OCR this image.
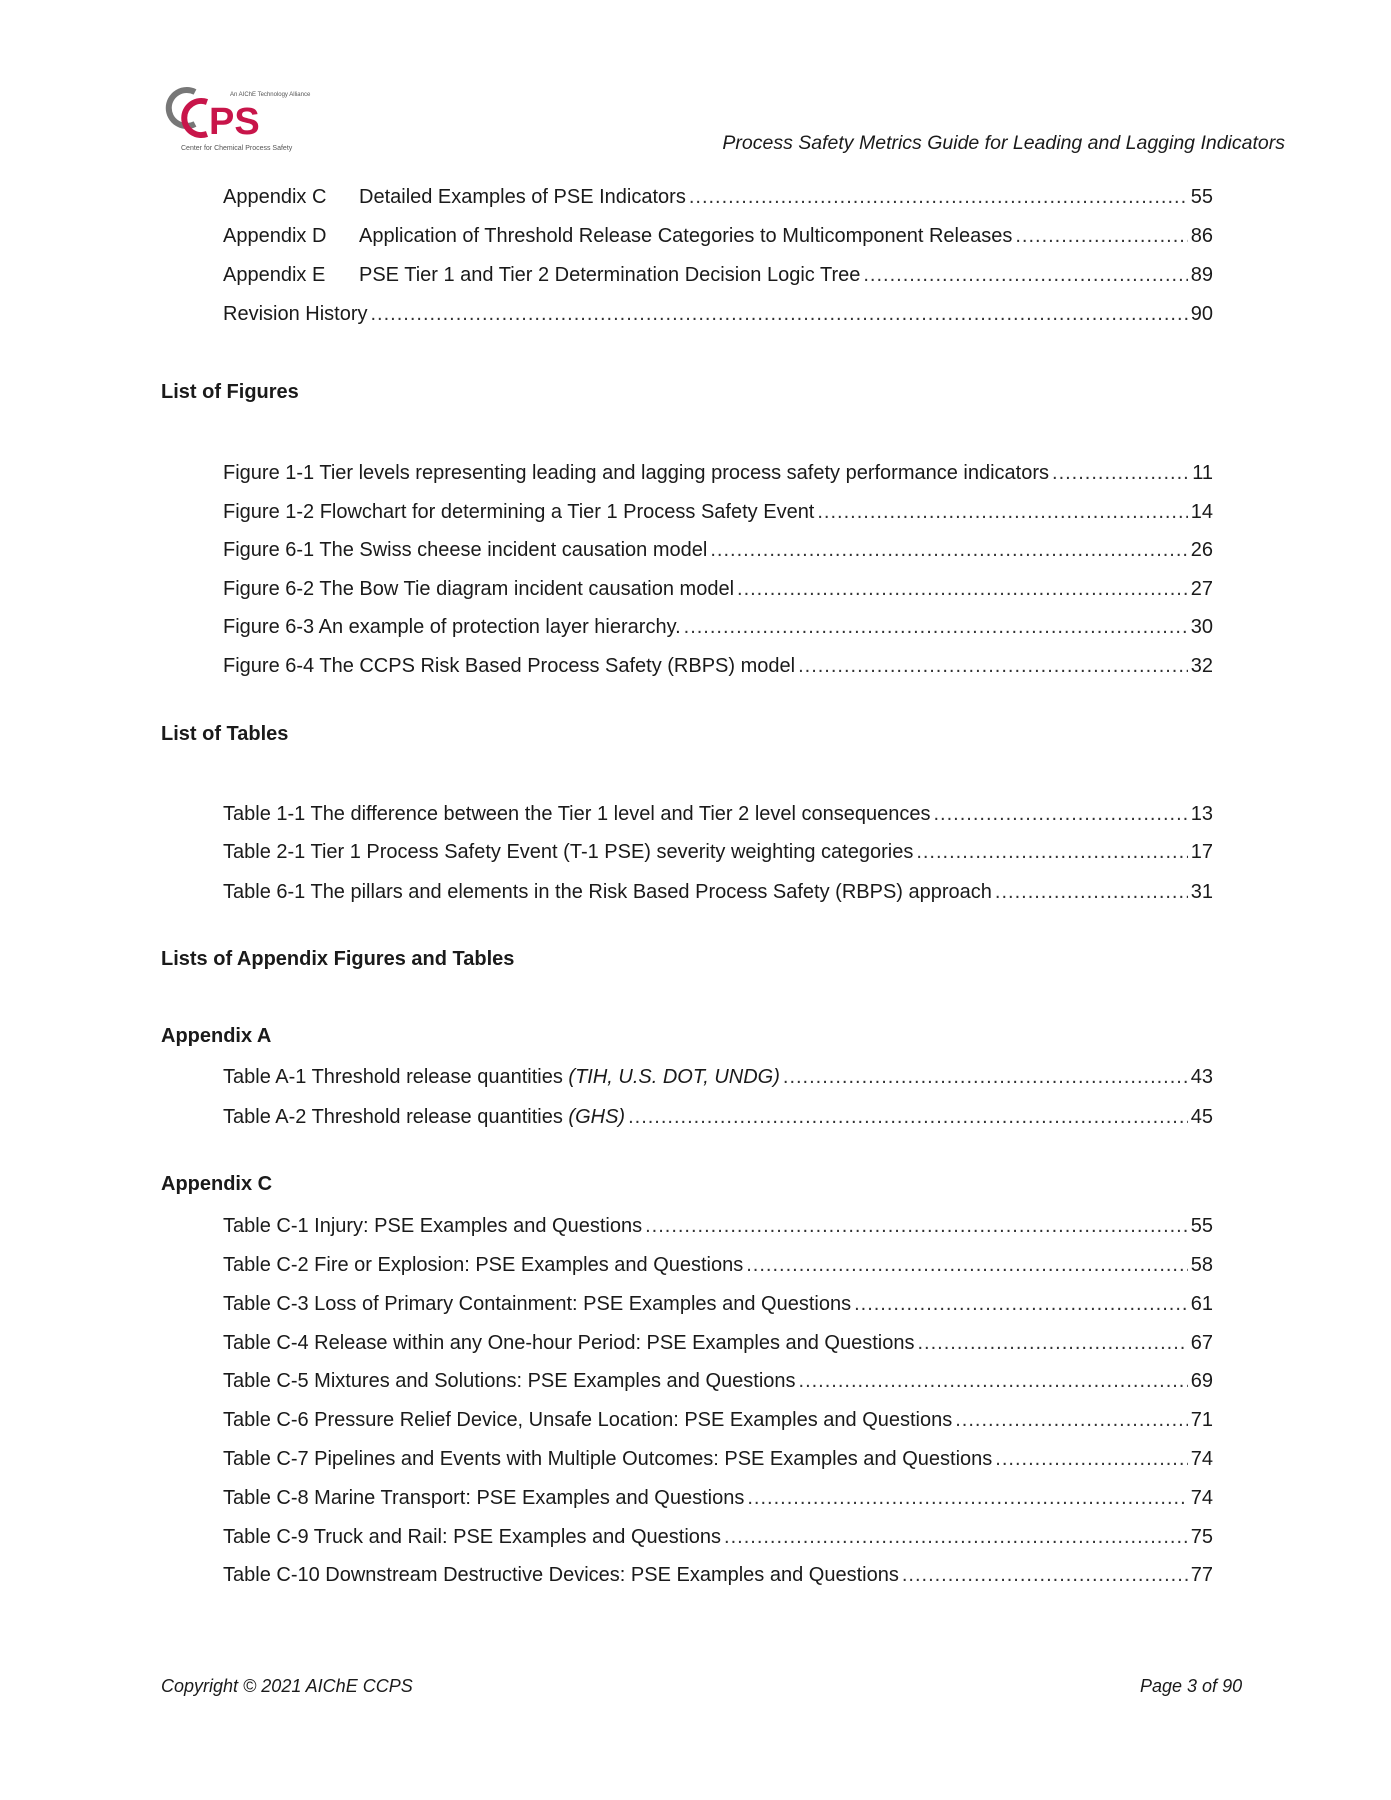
PS
An AIChE Technology Alliance
Center for Chemical Process Safety	Process Safety Metrics Guide for Leading and Lagging Indicators
List of Figures
List of Tables
Lists of Appendix Figures and Tables
Appendix A
Appendix C
Appendix C	Detailed Examples of PSE Indicators .....	55
Appendix D	Application of Threshold Release Categories to Multicomponent Releases .....	86
Appendix E	PSE Tier 1 and Tier 2 Determination Decision Logic Tree .....	89
Revision History .....	90
Figure 1-1 Tier levels representing leading and lagging process safety performance indicators .....	11
Figure 1-2 Flowchart for determining a Tier 1 Process Safety Event .....	14
Figure 6-1 The Swiss cheese incident causation model .....	26
Figure 6-2 The Bow Tie diagram incident causation model .....	27
Figure 6-3 An example of protection layer hierarchy. .....	30
Figure 6-4 The CCPS Risk Based Process Safety (RBPS) model .....	32
Table 1-1 The difference between the Tier 1 level and Tier 2 level consequences .....	13
Table 2-1 Tier 1 Process Safety Event (T-1 PSE) severity weighting categories .....	17
Table 6-1 The pillars and elements in the Risk Based Process Safety (RBPS) approach .....	31
Table A-1 Threshold release quantities (TIH, U.S. DOT, UNDG) .....	43
Table A-2 Threshold release quantities (GHS) .....	45
Table C-1 Injury: PSE Examples and Questions .....	55
Table C-2 Fire or Explosion: PSE Examples and Questions .....	58
Table C-3 Loss of Primary Containment: PSE Examples and Questions .....	61
Table C-4 Release within any One-hour Period: PSE Examples and Questions .....	67
Table C-5 Mixtures and Solutions: PSE Examples and Questions .....	69
Table C-6 Pressure Relief Device, Unsafe Location: PSE Examples and Questions .....	71
Table C-7 Pipelines and Events with Multiple Outcomes: PSE Examples and Questions .....	74
Table C-8 Marine Transport: PSE Examples and Questions .....	74
Table C-9 Truck and Rail: PSE Examples and Questions .....	75
Table C-10 Downstream Destructive Devices: PSE Examples and Questions .....	77
Copyright © 2021 AIChE CCPS	Page 3 of 90
